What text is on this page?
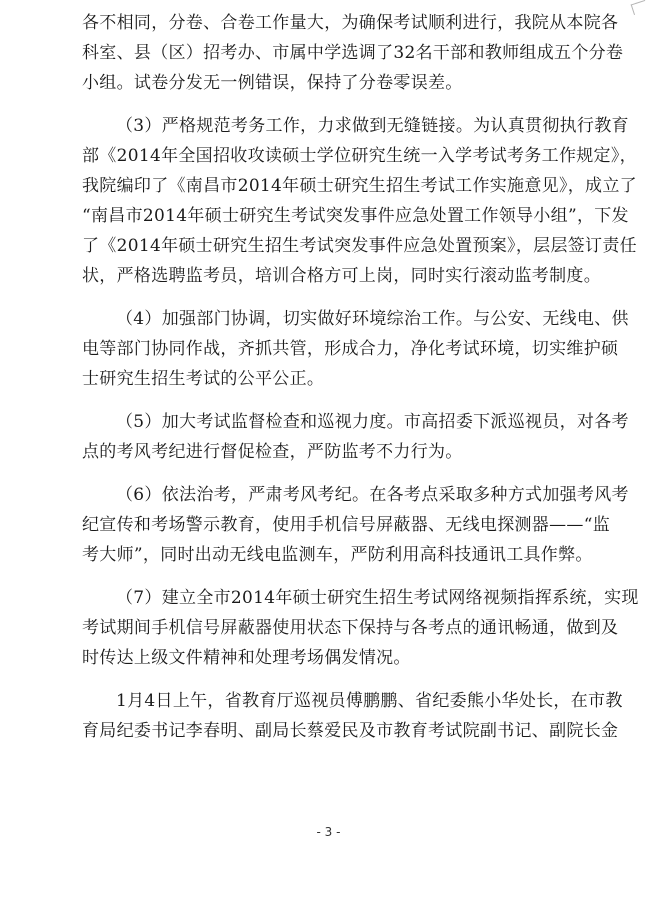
各不相同，分卷、合卷工作量大，为确保考试顺利进行，我院从本院各
科室、县（区）招考办、市属中学选调了32名干部和教师组成五个分卷
小组。试卷分发无一例错误，保持了分卷零误差。
（3）严格规范考务工作，力求做到无缝链接。为认真贯彻执行教育
部《2014年全国招收攻读硕士学位研究生统一入学考试考务工作规定》，
我院编印了《南昌市2014年硕士研究生招生考试工作实施意见》，成立了
“南昌市2014年硕士研究生考试突发事件应急处置工作领导小组”，下发
了《2014年硕士研究生招生考试突发事件应急处置预案》，层层签订责任
状，严格选聘监考员，培训合格方可上岗，同时实行滚动监考制度。
（4）加强部门协调，切实做好环境综治工作。与公安、无线电、供
电等部门协同作战，齐抓共管，形成合力，净化考试环境，切实维护硕
士研究生招生考试的公平公正。
（5）加大考试监督检查和巡视力度。市高招委下派巡视员，对各考
点的考风考纪进行督促检查，严防监考不力行为。
（6）依法治考，严肃考风考纪。在各考点采取多种方式加强考风考
纪宣传和考场警示教育，使用手机信号屏蔽器、无线电探测器——“监
考大师”，同时出动无线电监测车，严防利用高科技通讯工具作弊。
（7）建立全市2014年硕士研究生招生考试网络视频指挥系统，实现
考试期间手机信号屏蔽器使用状态下保持与各考点的通讯畅通，做到及
时传达上级文件精神和处理考场偶发情况。
1月4日上午，省教育厅巡视员傅鹏鹏、省纪委熊小华处长，在市教
育局纪委书记李春明、副局长蔡爱民及市教育考试院副书记、副院长金
- 3 -
